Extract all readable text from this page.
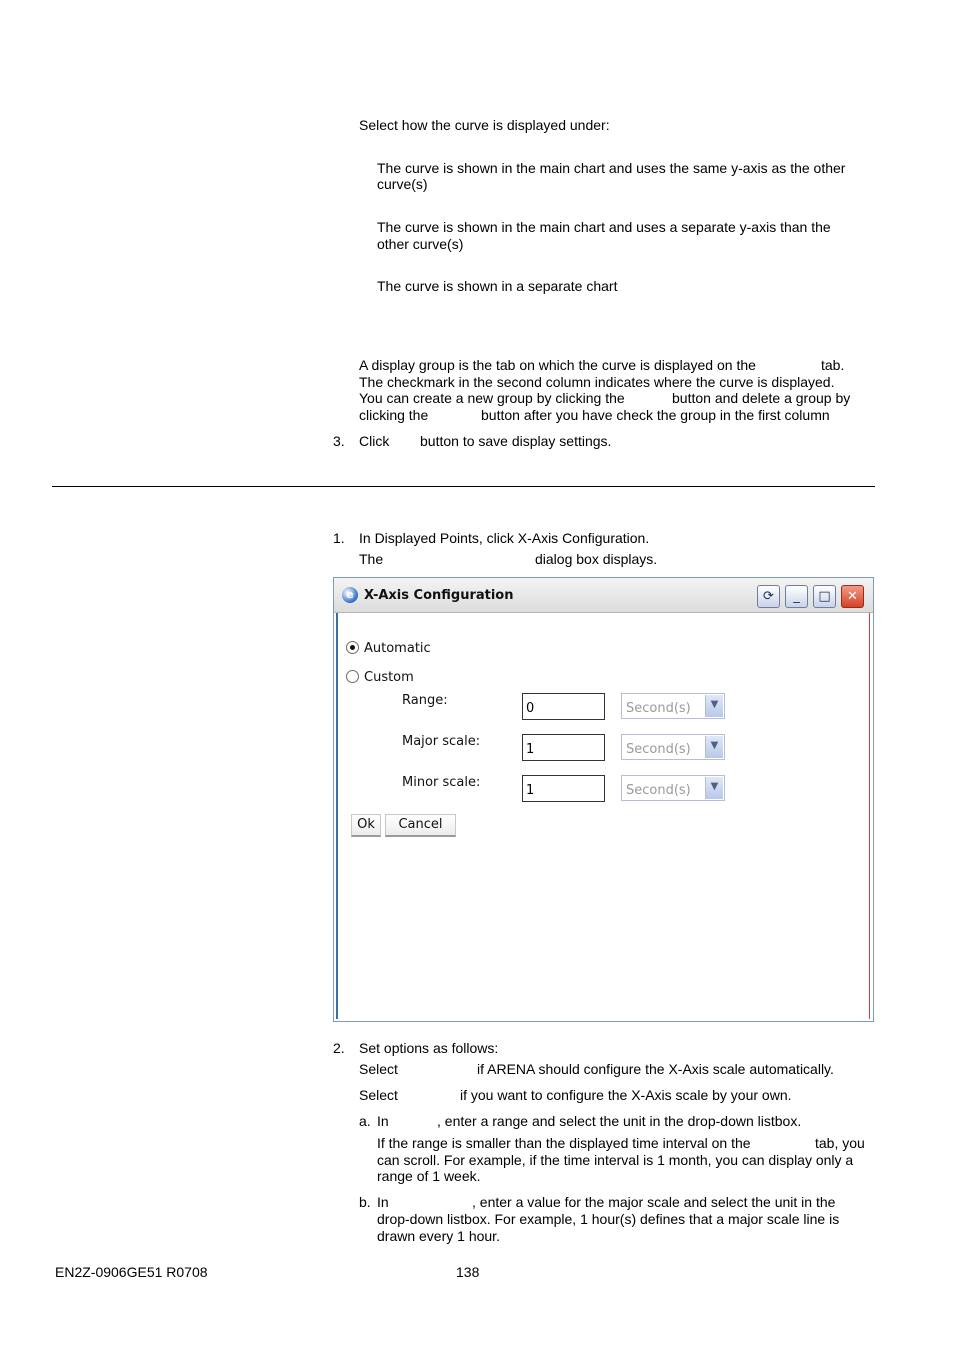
Select how the curve is displayed under:
The curve is shown in the main chart and uses the same y-axis as the other
curve(s)
The curve is shown in the main chart and uses a separate y-axis than the
other curve(s)
The curve is shown in a separate chart
A display group is the tab on which the curve is displayed on the	tab.
The checkmark in the second column indicates where the curve is displayed.
You can create a new group by clicking the	button and delete a group by
clicking the	button after you have check the group in the first column
3. Click button to save display settings.
1. In Displayed Points, click X-Axis Configuration.
The	dialog box displays.
e X-Axis Configuration	⟳	_	□	✕
Automatic
Custom
Range:
0	Second(s)	▼
Major scale:
1	Second(s)	▼
Minor scale:
1	Second(s)	▼
Ok	Cancel
2. Set options as follows:
Select	if ARENA should configure the X-Axis scale automatically.
Select	if you want to configure the X-Axis scale by your own.
a. In	, enter a range and select the unit in the drop-down listbox.
If the range is smaller than the displayed time interval on the	tab, you
can scroll. For example, if the time interval is 1 month, you can display only a
range of 1 week.
b. In	, enter a value for the major scale and select the unit in the
drop-down listbox. For example, 1 hour(s) defines that a major scale line is
drawn every 1 hour.
EN2Z-0906GE51 R0708	138
